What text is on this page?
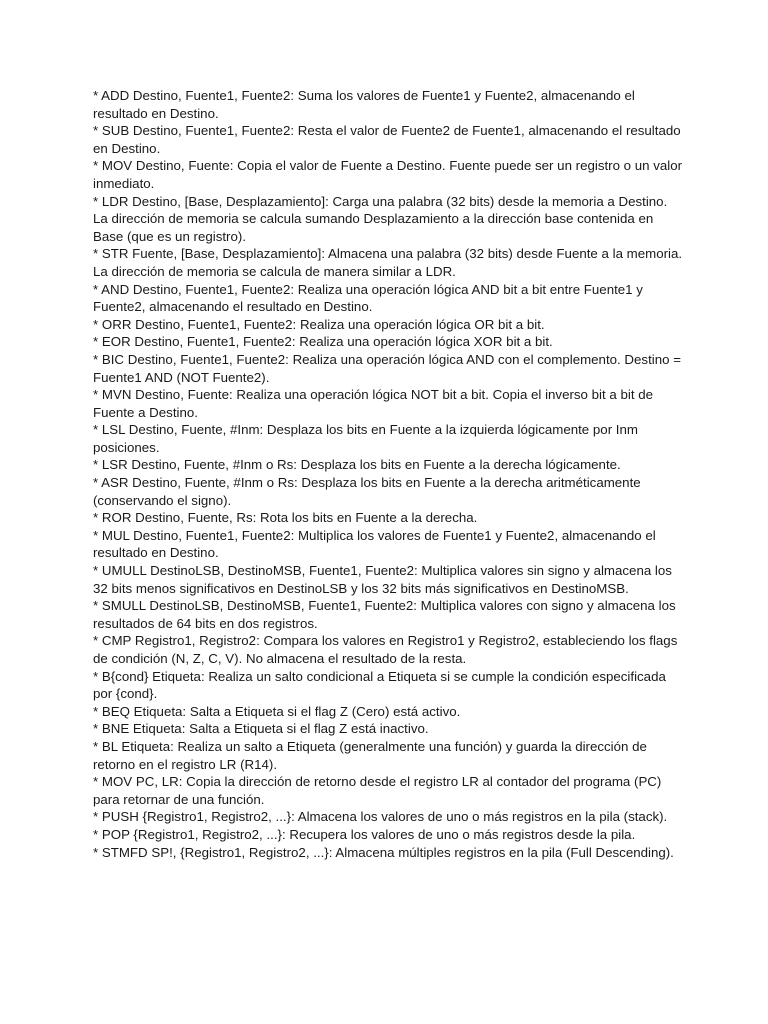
* ADD Destino, Fuente1, Fuente2: Suma los valores de Fuente1 y Fuente2, almacenando el resultado en Destino.

* SUB Destino, Fuente1, Fuente2: Resta el valor de Fuente2 de Fuente1, almacenando el resultado en Destino.

* MOV Destino, Fuente: Copia el valor de Fuente a Destino. Fuente puede ser un registro o un valor inmediato.

* LDR Destino, [Base, Desplazamiento]: Carga una palabra (32 bits) desde la memoria a Destino. La dirección de memoria se calcula sumando Desplazamiento a la dirección base contenida en Base (que es un registro).

* STR Fuente, [Base, Desplazamiento]: Almacena una palabra (32 bits) desde Fuente a la memoria. La dirección de memoria se calcula de manera similar a LDR.

* AND Destino, Fuente1, Fuente2: Realiza una operación lógica AND bit a bit entre Fuente1 y Fuente2, almacenando el resultado en Destino.

* ORR Destino, Fuente1, Fuente2: Realiza una operación lógica OR bit a bit.

* EOR Destino, Fuente1, Fuente2: Realiza una operación lógica XOR bit a bit.

* BIC Destino, Fuente1, Fuente2: Realiza una operación lógica AND con el complemento. Destino = Fuente1 AND (NOT Fuente2).

* MVN Destino, Fuente: Realiza una operación lógica NOT bit a bit. Copia el inverso bit a bit de Fuente a Destino.

* LSL Destino, Fuente, #Inm: Desplaza los bits en Fuente a la izquierda lógicamente por Inm posiciones.

* LSR Destino, Fuente, #Inm o Rs: Desplaza los bits en Fuente a la derecha lógicamente.

* ASR Destino, Fuente, #Inm o Rs: Desplaza los bits en Fuente a la derecha aritméticamente (conservando el signo).

* ROR Destino, Fuente, Rs: Rota los bits en Fuente a la derecha.

* MUL Destino, Fuente1, Fuente2: Multiplica los valores de Fuente1 y Fuente2, almacenando el resultado en Destino.

* UMULL DestinoLSB, DestinoMSB, Fuente1, Fuente2: Multiplica valores sin signo y almacena los 32 bits menos significativos en DestinoLSB y los 32 bits más significativos en DestinoMSB.

* SMULL DestinoLSB, DestinoMSB, Fuente1, Fuente2: Multiplica valores con signo y almacena los resultados de 64 bits en dos registros.

* CMP Registro1, Registro2: Compara los valores en Registro1 y Registro2, estableciendo los flags de condición (N, Z, C, V). No almacena el resultado de la resta.

* B{cond} Etiqueta: Realiza un salto condicional a Etiqueta si se cumple la condición especificada por {cond}.

* BEQ Etiqueta: Salta a Etiqueta si el flag Z (Cero) está activo.

* BNE Etiqueta: Salta a Etiqueta si el flag Z está inactivo.

* BL Etiqueta: Realiza un salto a Etiqueta (generalmente una función) y guarda la dirección de retorno en el registro LR (R14).

* MOV PC, LR: Copia la dirección de retorno desde el registro LR al contador del programa (PC) para retornar de una función.

* PUSH {Registro1, Registro2, ...}: Almacena los valores de uno o más registros en la pila (stack).

* POP {Registro1, Registro2, ...}: Recupera los valores de uno o más registros desde la pila.

* STMFD SP!, {Registro1, Registro2, ...}: Almacena múltiples registros en la pila (Full Descending).
